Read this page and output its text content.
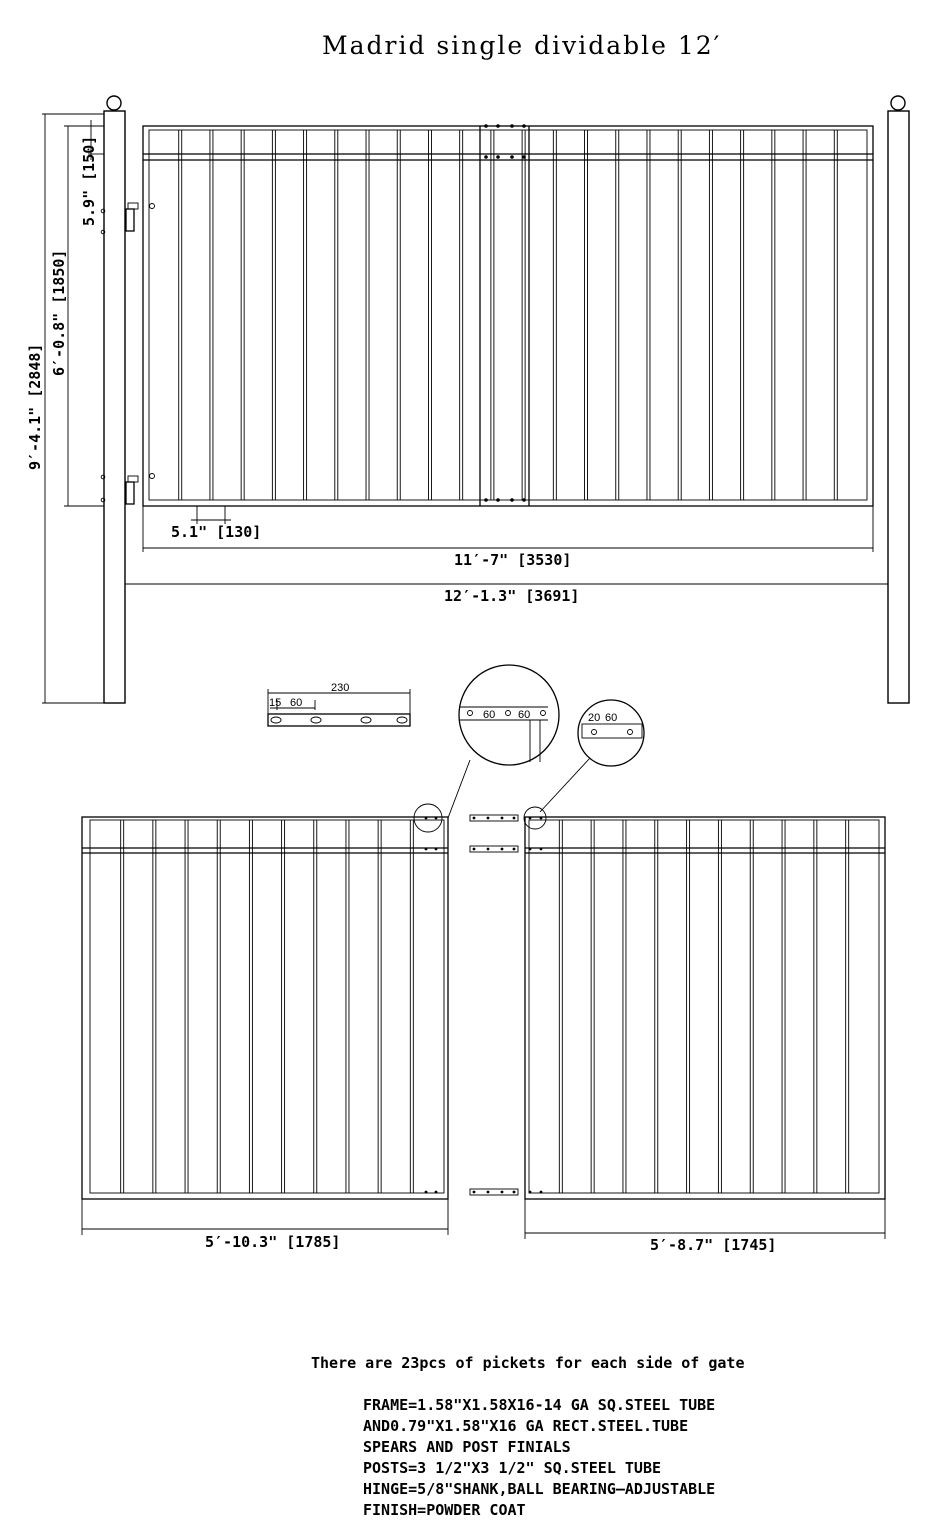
Madrid single dividable 12′
9′-4.1" [2848]
6′-0.8" [1850]
5.9" [150]
11′-7" [3530]
12′-1.3" [3691]
5.1" [130]
230
15 60
60 60	20 60
5′-10.3" [1785]	5′-8.7" [1745]
There are 23pcs of pickets for each side of gate
FRAME=1.58"X1.58X16-14 GA SQ.STEEL TUBE
AND0.79"X1.58"X16 GA RECT.STEEL.TUBE
SPEARS AND POST FINIALS
POSTS=3 1/2"X3 1/2" SQ.STEEL TUBE
HINGE=5/8"SHANK,BALL BEARING—ADJUSTABLE
FINISH=POWDER COAT
